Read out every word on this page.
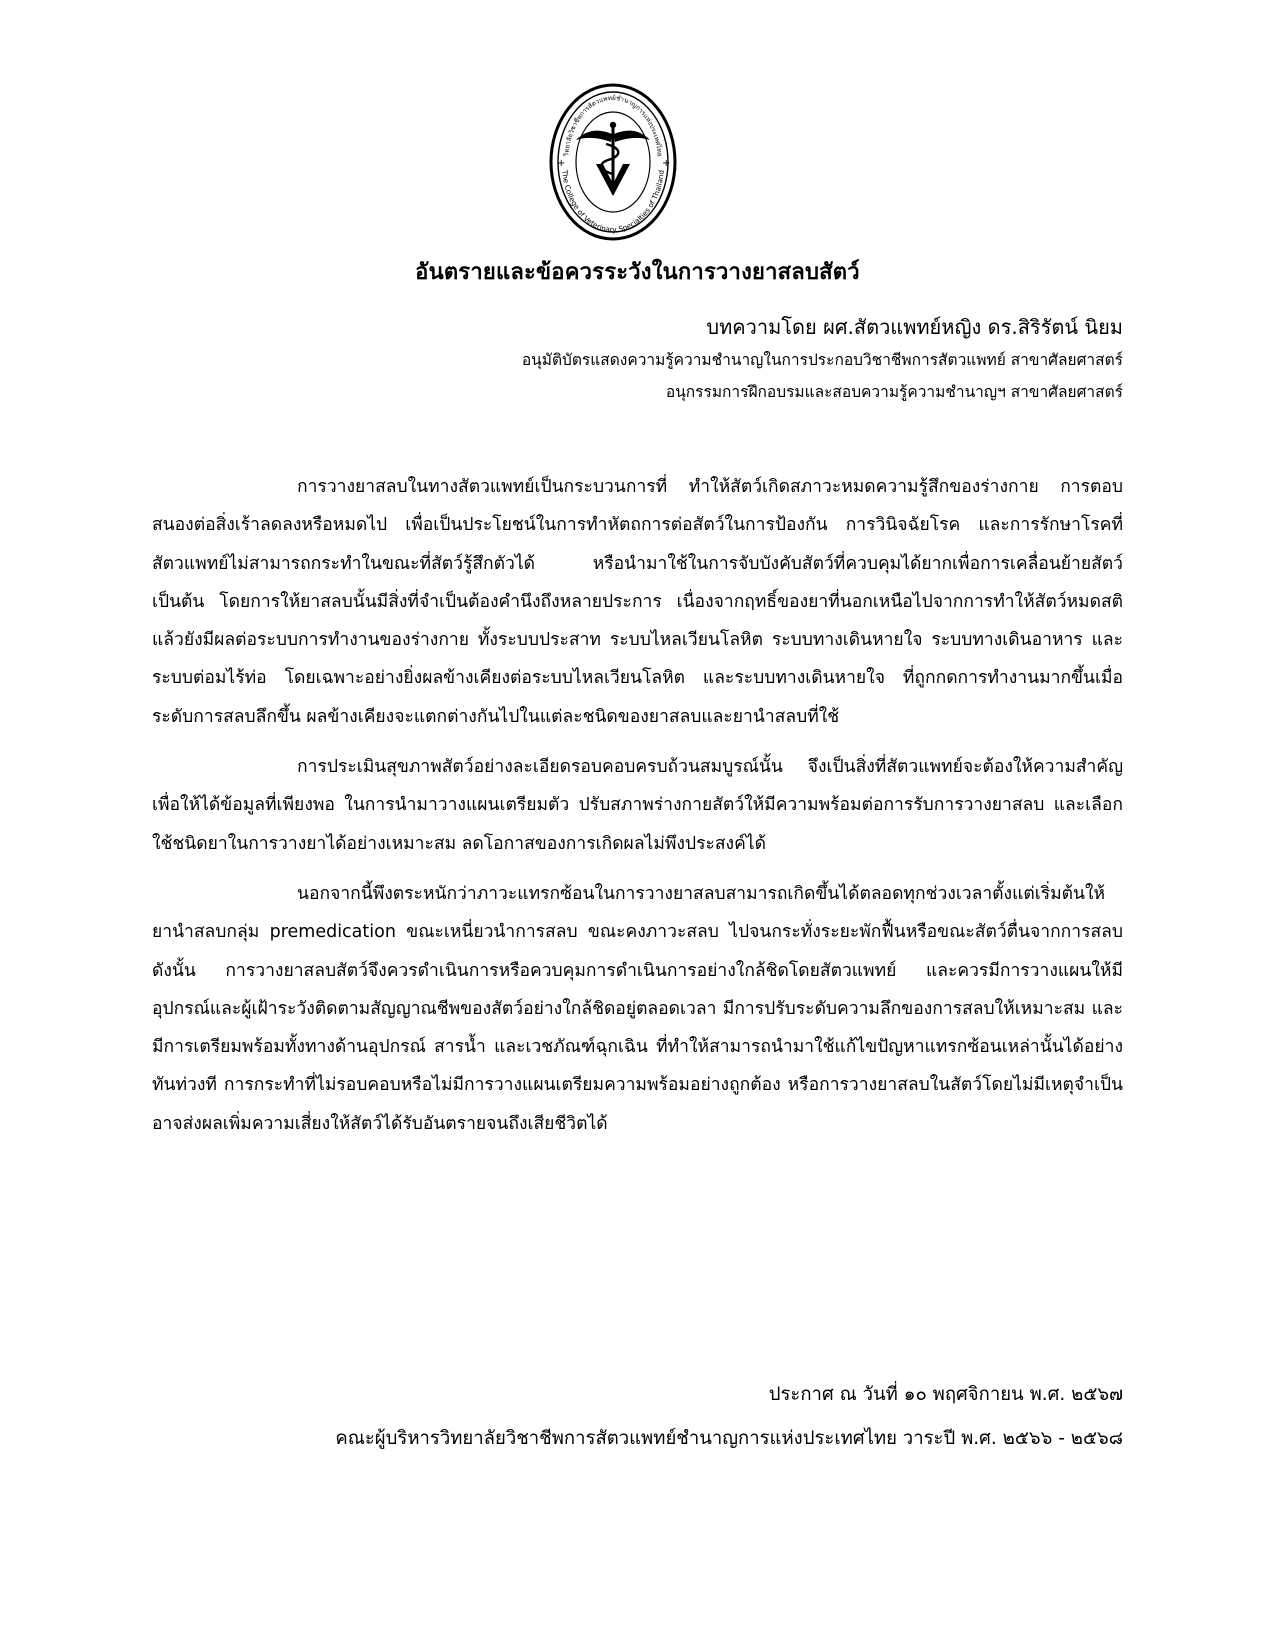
วิทยาลัยวิชาชีพการสัตวแพทย์ชำนาญการแห่งประเทศไทย
The College of Veterinary Specialties of Thailand
+	+
อันตรายและข้อควรระวังในการวางยาสลบสัตว์
บทความโดย ผศ.สัตวแพทย์หญิง ดร.สิริรัตน์ นิยม
อนุมัติบัตรแสดงความรู้ความชำนาญในการประกอบวิชาชีพการสัตวแพทย์ สาขาศัลยศาสตร์
อนุกรรมการฝึกอบรมและสอบความรู้ความชำนาญฯ สาขาศัลยศาสตร์

การวางยาสลบในทางสัตวแพทย์เป็นกระบวนการที่ ทำให้สัตว์เกิดสภาวะหมดความรู้สึกของร่างกาย การตอบสนองต่อสิ่งเร้าลดลงหรือหมดไป เพื่อเป็นประโยชน์ในการทำหัตถการต่อสัตว์ในการป้องกัน การวินิจฉัยโรค และการรักษาโรคที่สัตวแพทย์ไม่สามารถกระทำในขณะที่สัตว์รู้สึกตัวได้ หรือนำมาใช้ในการจับบังคับสัตว์ที่ควบคุมได้ยากเพื่อการเคลื่อนย้ายสัตว์ เป็นต้น โดยการให้ยาสลบนั้นมีสิ่งที่จำเป็นต้องคำนึงถึงหลายประการ เนื่องจากฤทธิ์ของยาที่นอกเหนือไปจากการทำให้สัตว์หมดสติแล้วยังมีผลต่อระบบการทำงานของร่างกาย ทั้งระบบประสาท ระบบไหลเวียนโลหิต ระบบทางเดินหายใจ ระบบทางเดินอาหาร และระบบต่อมไร้ท่อ โดยเฉพาะอย่างยิ่งผลข้างเคียงต่อระบบไหลเวียนโลหิต และระบบทางเดินหายใจ ที่ถูกกดการทำงานมากขึ้นเมื่อระดับการสลบลึกขึ้น ผลข้างเคียงจะแตกต่างกันไปในแต่ละชนิดของยาสลบและยานำสลบที่ใช้

การประเมินสุขภาพสัตว์อย่างละเอียดรอบคอบครบถ้วนสมบูรณ์นั้น จึงเป็นสิ่งที่สัตวแพทย์จะต้องให้ความสำคัญ เพื่อให้ได้ข้อมูลที่เพียงพอ ในการนำมาวางแผนเตรียมตัว ปรับสภาพร่างกายสัตว์ให้มีความพร้อมต่อการรับการวางยาสลบ และเลือกใช้ชนิดยาในการวางยาได้อย่างเหมาะสม ลดโอกาสของการเกิดผลไม่พึงประสงค์ได้

นอกจากนี้พึงตระหนักว่าภาวะแทรกซ้อนในการวางยาสลบสามารถเกิดขึ้นได้ตลอดทุกช่วงเวลาตั้งแต่เริ่มต้นให้ยานำสลบกลุ่ม premedication ขณะเหนี่ยวนำการสลบ ขณะคงภาวะสลบ ไปจนกระทั่งระยะพักฟื้นหรือขณะสัตว์ตื่นจากการสลบ ดังนั้น การวางยาสลบสัตว์จึงควรดำเนินการหรือควบคุมการดำเนินการอย่างใกล้ชิดโดยสัตวแพทย์ และควรมีการวางแผนให้มีอุปกรณ์และผู้เฝ้าระวังติดตามสัญญาณชีพของสัตว์อย่างใกล้ชิดอยู่ตลอดเวลา มีการปรับระดับความลึกของการสลบให้เหมาะสม และมีการเตรียมพร้อมทั้งทางด้านอุปกรณ์ สารน้ำ และเวชภัณฑ์ฉุกเฉิน ที่ทำให้สามารถนำมาใช้แก้ไขปัญหาแทรกซ้อนเหล่านั้นได้อย่างทันท่วงที การกระทำที่ไม่รอบคอบหรือไม่มีการวางแผนเตรียมความพร้อมอย่างถูกต้อง หรือการวางยาสลบในสัตว์โดยไม่มีเหตุจำเป็น อาจส่งผลเพิ่มความเสี่ยงให้สัตว์ได้รับอันตรายจนถึงเสียชีวิตได้

ประกาศ ณ วันที่ ๑๐ พฤศจิกายน พ.ศ. ๒๕๖๗
คณะผู้บริหารวิทยาลัยวิชาชีพการสัตวแพทย์ชำนาญการแห่งประเทศไทย วาระปี พ.ศ. ๒๕๖๖ - ๒๕๖๘
